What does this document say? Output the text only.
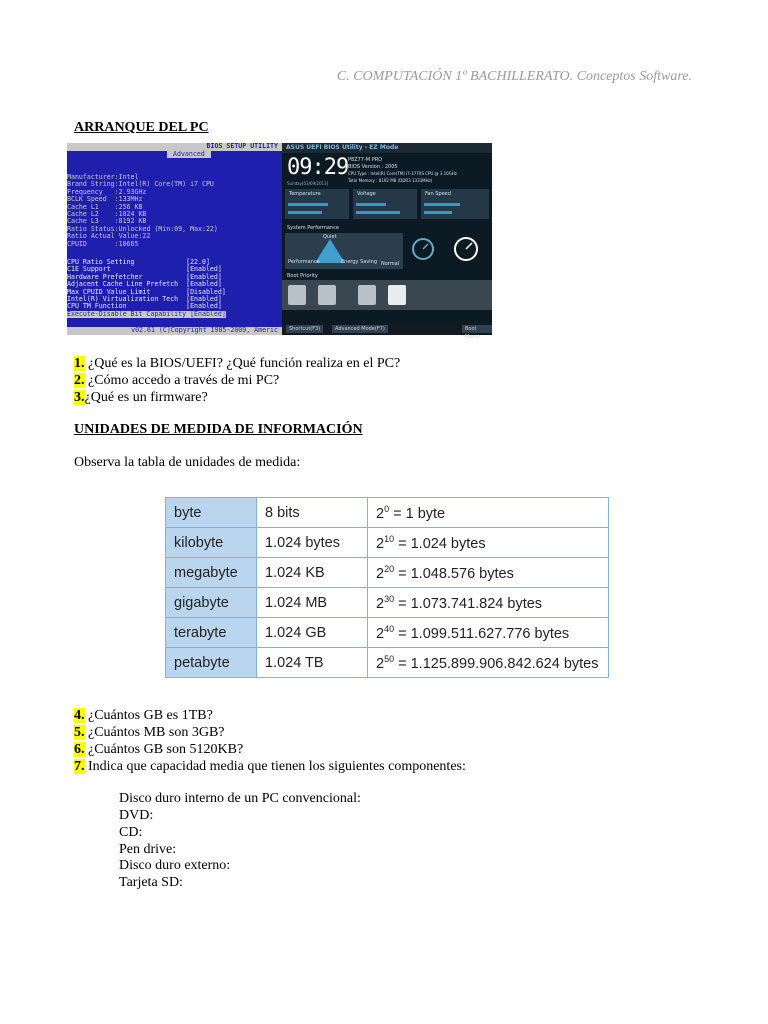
C. COMPUTACIÓN 1º BACHILLERATO. Conceptos Software.
ARRANQUE DEL PC
BIOS SETUP UTILITY
Advanced
Manufacturer:Intel
Brand String:Intel(R) Core(TM) i7 CPU
Frequency   :2.93GHz
BCLK Speed  :133MHz
Cache L1    :256 KB
Cache L2    :1024 KB
Cache L3    :8192 KB
Ratio Status:Unlocked (Min:09, Max:22)
Ratio Actual Value:22
CPUID       :10665
CPU Ratio Setting             [22.0]
C1E Support                   [Enabled]
Hardware Prefetcher           [Enabled]
Adjacent Cache Line Prefetch  [Enabled]
Max CPUID Value Limit         [Disabled]
Intel(R) Virtualization Tech  [Enabled]
CPU TM Function               [Enabled]
Execute-Disable Bit Capability [Enabled]
v02.61 (C)Copyright 1985-2009, Americ
ASUS UEFI BIOS Utility - EZ Mode
09:29
Sunday[03/09/2013]
P8Z77-M PRO
BIOS Version : 2005
CPU Type : Intel(R) Core(TM) i7-3770S CPU @ 3.10GHz
Total Memory : 8192 MB (DDR3 1333MHz)
Temperature	Voltage	Fan Speed
System Performance
Quiet
Performance	Energy Saving Normal
Boot Priority
Shortcut(F3)	Advanced Mode(F7)	Boot Menu
1. ¿Qué es la BIOS/UEFI? ¿Qué función realiza en el PC?
2. ¿Cómo accedo a través de mi PC?
3.¿Qué es un firmware?
UNIDADES DE MEDIDA DE INFORMACIÓN
Observa la tabla de unidades de medida:
byte	8 bits	$2^0 = 1$ byte
kilobyte	1.024 bytes	$2^{10} = 1.024$ bytes
megabyte	1.024 KB	$2^{20} = 1.048.576$ bytes
gigabyte	1.024 MB	$2^{30} = 1.073.741.824$ bytes
terabyte	1.024 GB	$2^{40} = 1.099.511.627.776$ bytes
petabyte	1.024 TB	$2^{50} = 1.125.899.906.842.624$ bytes
4. ¿Cuántos GB es 1TB?
5. ¿Cuántos MB son 3GB?
6. ¿Cuántos GB son 5120KB?
7. Indica que capacidad media que tienen los siguientes componentes:
Disco duro interno de un PC convencional:
DVD:
CD:
Pen drive:
Disco duro externo:
Tarjeta SD:
